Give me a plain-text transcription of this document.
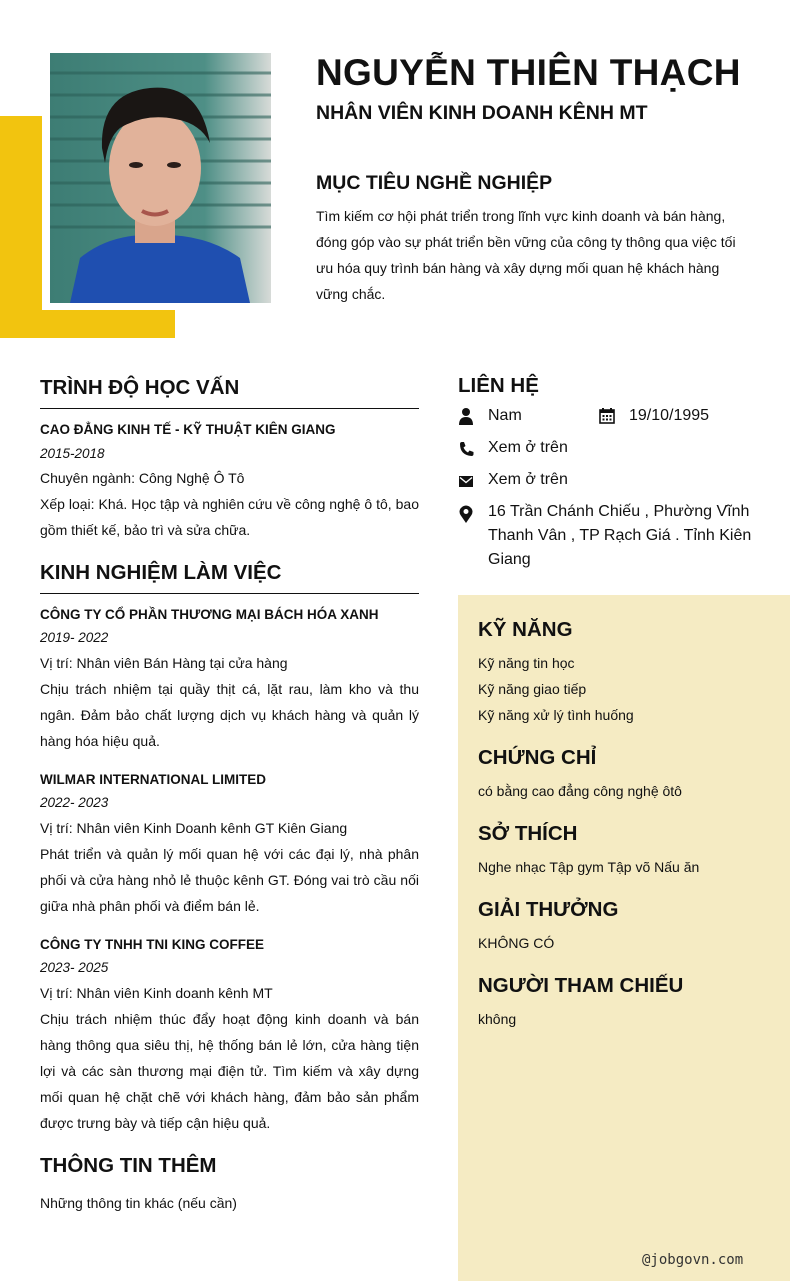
NGUYỄN THIÊN THẠCH
NHÂN VIÊN KINH DOANH KÊNH MT
MỤC TIÊU NGHỀ NGHIỆP
Tìm kiếm cơ hội phát triển trong lĩnh vực kinh doanh và bán hàng, đóng góp vào sự phát triển bền vững của công ty thông qua việc tối ưu hóa quy trình bán hàng và xây dựng mối quan hệ khách hàng vững chắc.
TRÌNH ĐỘ HỌC VẤN
CAO ĐẲNG KINH TẾ - KỸ THUẬT KIÊN GIANG
2015-2018
Chuyên ngành: Công Nghệ Ô Tô
Xếp loại: Khá. Học tập và nghiên cứu về công nghệ ô tô, bao gồm thiết kế, bảo trì và sửa chữa.
KINH NGHIỆM LÀM VIỆC
CÔNG TY CỔ PHẦN THƯƠNG MẠI BÁCH HÓA XANH
2019- 2022
Vị trí: Nhân viên Bán Hàng tại cửa hàng
Chịu trách nhiệm tại quầy thịt cá, lặt rau, làm kho và thu ngân. Đảm bảo chất lượng dịch vụ khách hàng và quản lý hàng hóa hiệu quả.
WILMAR INTERNATIONAL LIMITED
2022- 2023
Vị trí: Nhân viên Kinh Doanh kênh GT Kiên Giang
Phát triển và quản lý mối quan hệ với các đại lý, nhà phân phối và cửa hàng nhỏ lẻ thuộc kênh GT. Đóng vai trò cầu nối giữa nhà phân phối và điểm bán lẻ.
CÔNG TY TNHH TNI KING COFFEE
2023- 2025
Vị trí: Nhân viên Kinh doanh kênh MT
Chịu trách nhiệm thúc đẩy hoạt động kinh doanh và bán hàng thông qua siêu thị, hệ thống bán lẻ lớn, cửa hàng tiện lợi và các sàn thương mại điện tử. Tìm kiếm và xây dựng mối quan hệ chặt chẽ với khách hàng, đảm bảo sản phẩm được trưng bày và tiếp cận hiệu quả.
THÔNG TIN THÊM
Những thông tin khác (nếu cần)
LIÊN HỆ
Nam	19/10/1995
Xem ở trên
Xem ở trên
16 Trần Chánh Chiếu , Phường Vĩnh Thanh Vân , TP Rạch Giá . Tỉnh Kiên Giang
KỸ NĂNG
Kỹ năng tin học
Kỹ năng giao tiếp
Kỹ năng xử lý tình huống
CHỨNG CHỈ
có bằng cao đẳng công nghệ ôtô
SỞ THÍCH
Nghe nhạc Tập gym Tập võ Nấu ăn
GIẢI THƯỞNG
KHÔNG CÓ
NGƯỜI THAM CHIẾU
không
@jobgovn.com
